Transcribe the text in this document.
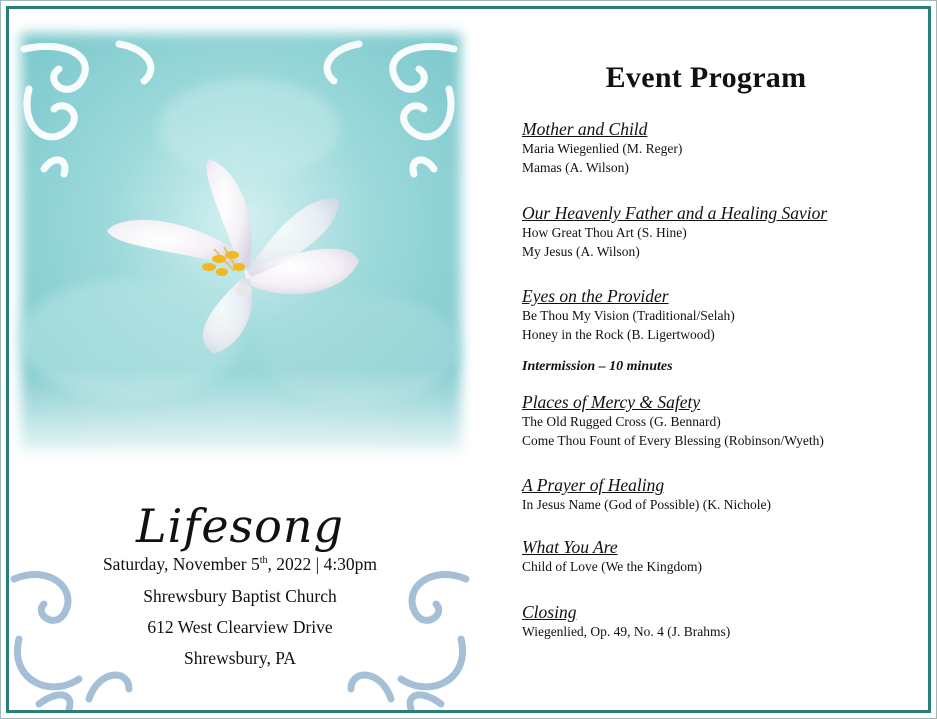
Lifesong
Saturday, November 5th, 2022 | 4:30pm
Shrewsbury Baptist Church
612 West Clearview Drive
Shrewsbury, PA
Event Program
Mother and Child
Maria Wiegenlied (M. Reger)
Mamas (A. Wilson)
Our Heavenly Father and a Healing Savior
How Great Thou Art (S. Hine)
My Jesus (A. Wilson)
Eyes on the Provider
Be Thou My Vision (Traditional/Selah)
Honey in the Rock (B. Ligertwood)
Intermission – 10 minutes
Places of Mercy & Safety
The Old Rugged Cross (G. Bennard)
Come Thou Fount of Every Blessing (Robinson/Wyeth)
A Prayer of Healing
In Jesus Name (God of Possible) (K. Nichole)
What You Are
Child of Love (We the Kingdom)
Closing
Wiegenlied, Op. 49, No. 4 (J. Brahms)
